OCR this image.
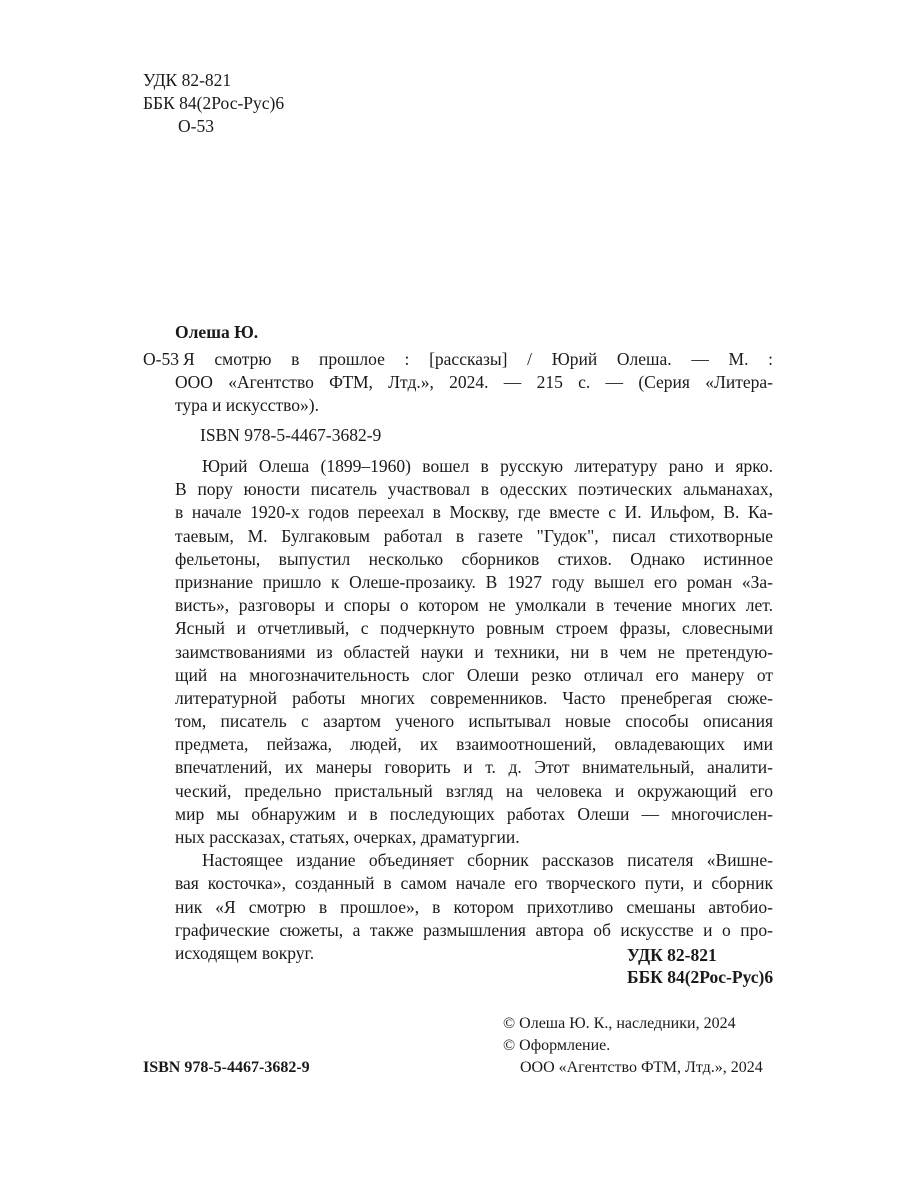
УДК 82-821
ББК 84(2Рос-Рус)6
О-53
Олеша Ю.
О-53 Я смотрю в прошлое : [рассказы] / Юрий Олеша. — М. :
ООО «Агентство ФТМ, Лтд.», 2024. — 215 с. — (Серия «Литера-
тура и искусство»).
ISBN 978-5-4467-3682-9
Юрий Олеша (1899–1960) вошел в русскую литературу рано и ярко.
В пору юности писатель участвовал в одесских поэтических альманахах,
в начале 1920-х годов переехал в Москву, где вместе с И. Ильфом, В. Ка-
таевым, М. Булгаковым работал в газете "Гудок", писал стихотворные
фельетоны, выпустил несколько сборников стихов. Однако истинное
признание пришло к Олеше-прозаику. В 1927 году вышел его роман «За-
висть», разговоры и споры о котором не умолкали в течение многих лет.
Ясный и отчетливый, с подчеркнуто ровным строем фразы, словесными
заимствованиями из областей науки и техники, ни в чем не претендую-
щий на многозначительность слог Олеши резко отличал его манеру от
литературной работы многих современников. Часто пренебрегая сюже-
том, писатель с азартом ученого испытывал новые способы описания
предмета, пейзажа, людей, их взаимоотношений, овладевающих ими
впечатлений, их манеры говорить и т. д. Этот внимательный, аналити-
ческий, предельно пристальный взгляд на человека и окружающий его
мир мы обнаружим и в последующих работах Олеши — многочислен-
ных рассказах, статьях, очерках, драматургии.
Настоящее издание объединяет сборник рассказов писателя «Вишне-
вая косточка», созданный в самом начале его творческого пути, и сборник
ник «Я смотрю в прошлое», в котором прихотливо смешаны автобио-
графические сюжеты, а также размышления автора об искусстве и о про-
исходящем вокруг.	УДК 82-821
ББК 84(2Рос-Рус)6
ISBN 978-5-4467-3682-9
© Олеша Ю. К., наследники, 2024
© Оформление.
ООО «Агентство ФТМ, Лтд.», 2024
